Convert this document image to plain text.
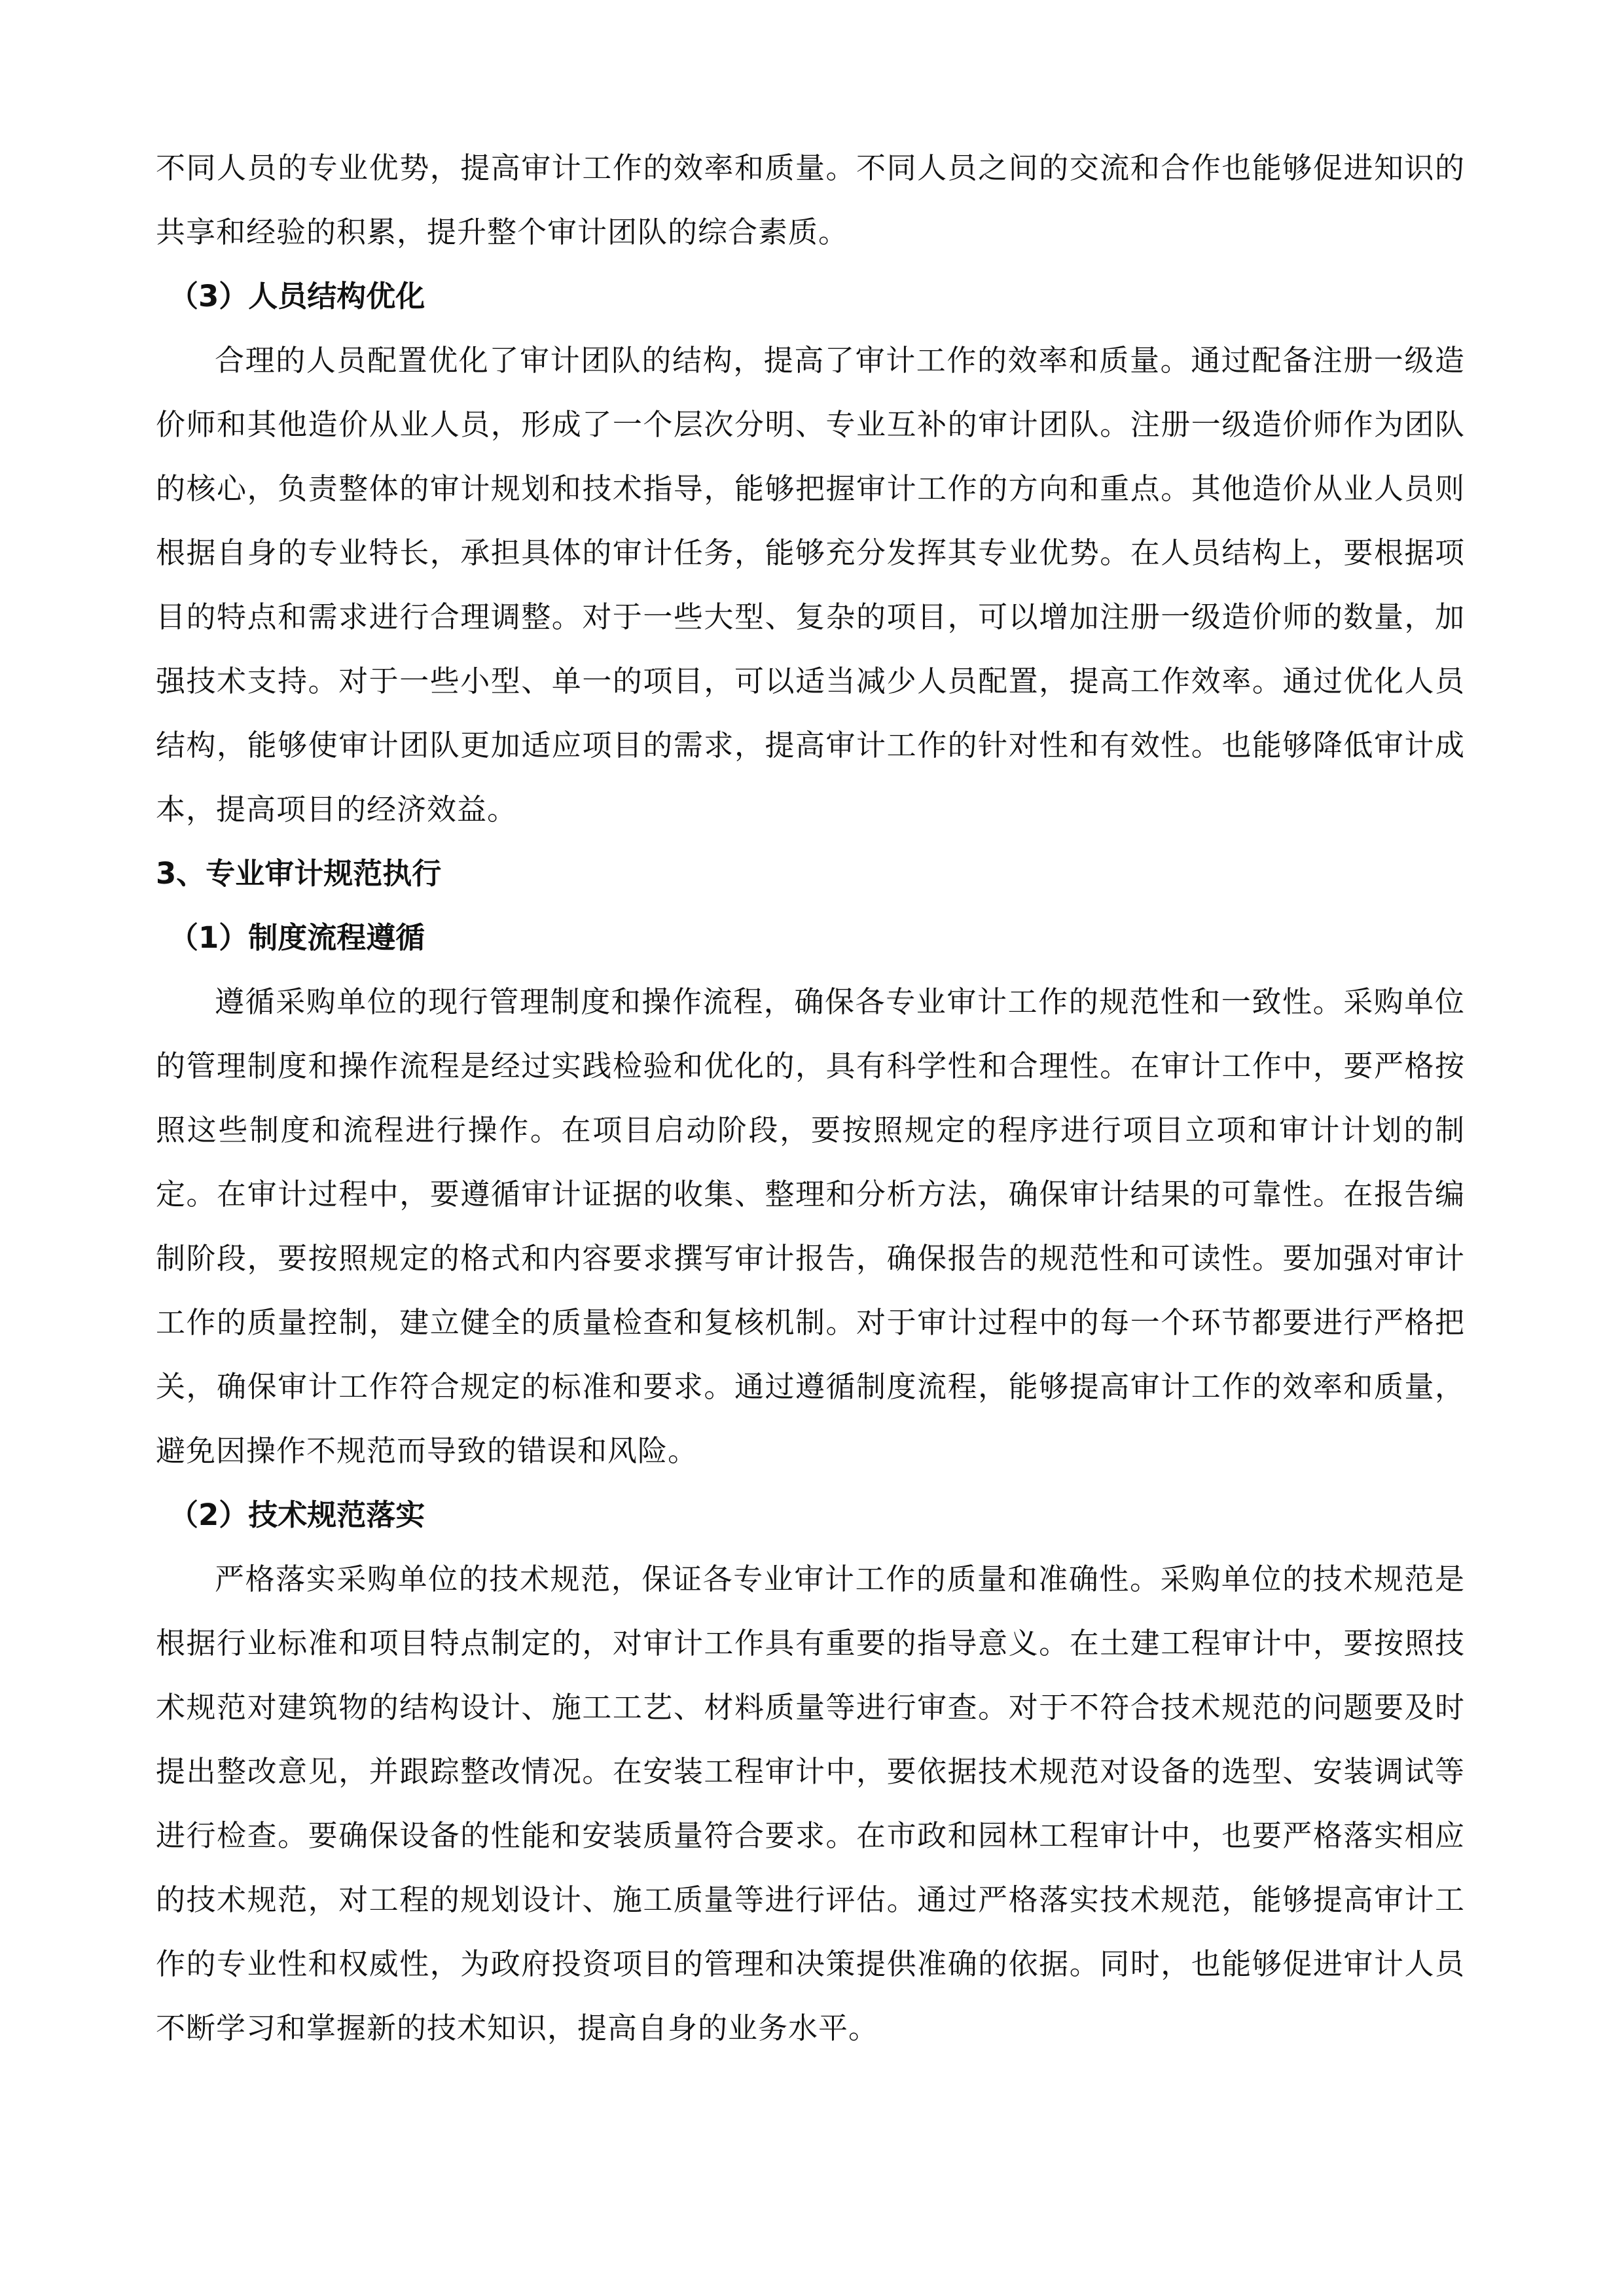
不同人员的专业优势，提高审计工作的效率和质量。不同人员之间的交流和合作也能够促进知识的共享和经验的积累，提升整个审计团队的综合素质。

（3）人员结构优化

合理的人员配置优化了审计团队的结构，提高了审计工作的效率和质量。通过配备注册一级造价师和其他造价从业人员，形成了一个层次分明、专业互补的审计团队。注册一级造价师作为团队的核心，负责整体的审计规划和技术指导，能够把握审计工作的方向和重点。其他造价从业人员则根据自身的专业特长，承担具体的审计任务，能够充分发挥其专业优势。在人员结构上，要根据项目的特点和需求进行合理调整。对于一些大型、复杂的项目，可以增加注册一级造价师的数量，加强技术支持。对于一些小型、单一的项目，可以适当减少人员配置，提高工作效率。通过优化人员结构，能够使审计团队更加适应项目的需求，提高审计工作的针对性和有效性。也能够降低审计成本，提高项目的经济效益。

3、专业审计规范执行
（1）制度流程遵循

遵循采购单位的现行管理制度和操作流程，确保各专业审计工作的规范性和一致性。采购单位的管理制度和操作流程是经过实践检验和优化的，具有科学性和合理性。在审计工作中，要严格按照这些制度和流程进行操作。在项目启动阶段，要按照规定的程序进行项目立项和审计计划的制定。在审计过程中，要遵循审计证据的收集、整理和分析方法，确保审计结果的可靠性。在报告编制阶段，要按照规定的格式和内容要求撰写审计报告，确保报告的规范性和可读性。要加强对审计工作的质量控制，建立健全的质量检查和复核机制。对于审计过程中的每一个环节都要进行严格把关，确保审计工作符合规定的标准和要求。通过遵循制度流程，能够提高审计工作的效率和质量，避免因操作不规范而导致的错误和风险。

（2）技术规范落实

严格落实采购单位的技术规范，保证各专业审计工作的质量和准确性。采购单位的技术规范是根据行业标准和项目特点制定的，对审计工作具有重要的指导意义。在土建工程审计中，要按照技术规范对建筑物的结构设计、施工工艺、材料质量等进行审查。对于不符合技术规范的问题要及时提出整改意见，并跟踪整改情况。在安装工程审计中，要依据技术规范对设备的选型、安装调试等进行检查。要确保设备的性能和安装质量符合要求。在市政和园林工程审计中，也要严格落实相应的技术规范，对工程的规划设计、施工质量等进行评估。通过严格落实技术规范，能够提高审计工作的专业性和权威性，为政府投资项目的管理和决策提供准确的依据。同时，也能够促进审计人员不断学习和掌握新的技术知识，提高自身的业务水平。
